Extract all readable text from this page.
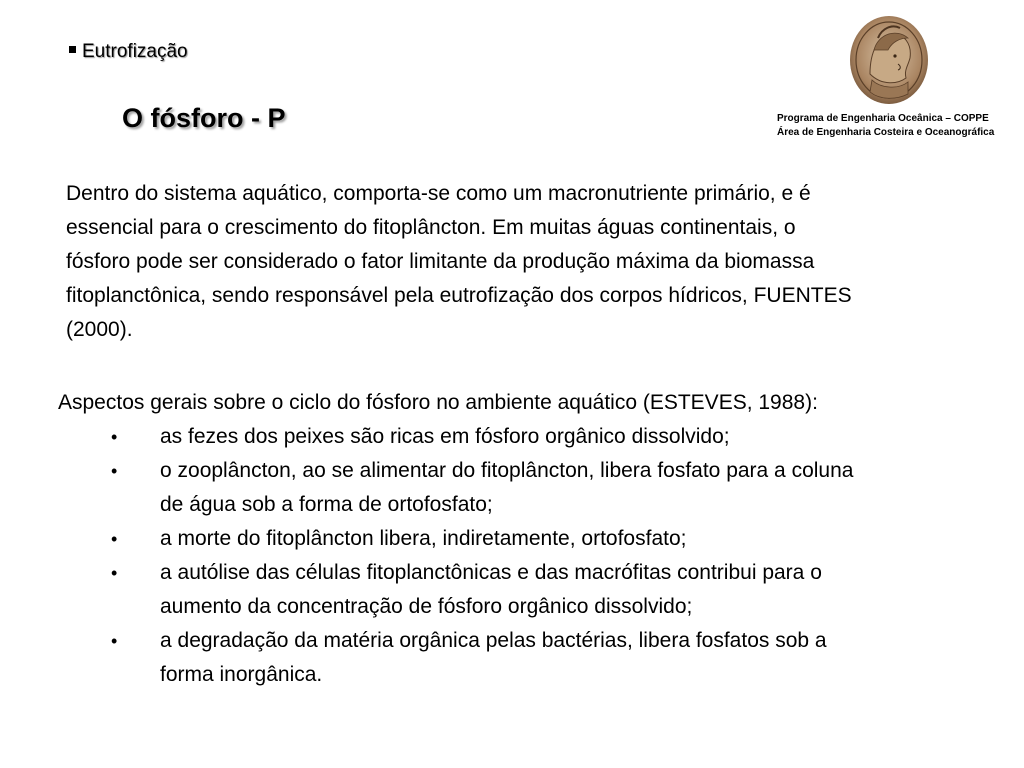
Eutrofização
O fósforo - P	Programa de Engenharia Oceânica – COPPE
Área de Engenharia Costeira e Oceanográfica

Dentro do sistema aquático, comporta-se como um macronutriente primário, e é
essencial para o crescimento do fitoplâncton. Em muitas águas continentais, o
fósforo pode ser considerado o fator limitante da produção máxima da biomassa
fitoplanctônica, sendo responsável pela eutrofização dos corpos hídricos, FUENTES
(2000).

Aspectos gerais sobre o ciclo do fósforo no ambiente aquático (ESTEVES, 1988):
• as fezes dos peixes são ricas em fósforo orgânico dissolvido;
• o zooplâncton, ao se alimentar do fitoplâncton, libera fosfato para a coluna
de água sob a forma de ortofosfato;
• a morte do fitoplâncton libera, indiretamente, ortofosfato;
• a autólise das células fitoplanctônicas e das macrófitas contribui para o
aumento da concentração de fósforo orgânico dissolvido;
• a degradação da matéria orgânica pelas bactérias, libera fosfatos sob a
forma inorgânica.
